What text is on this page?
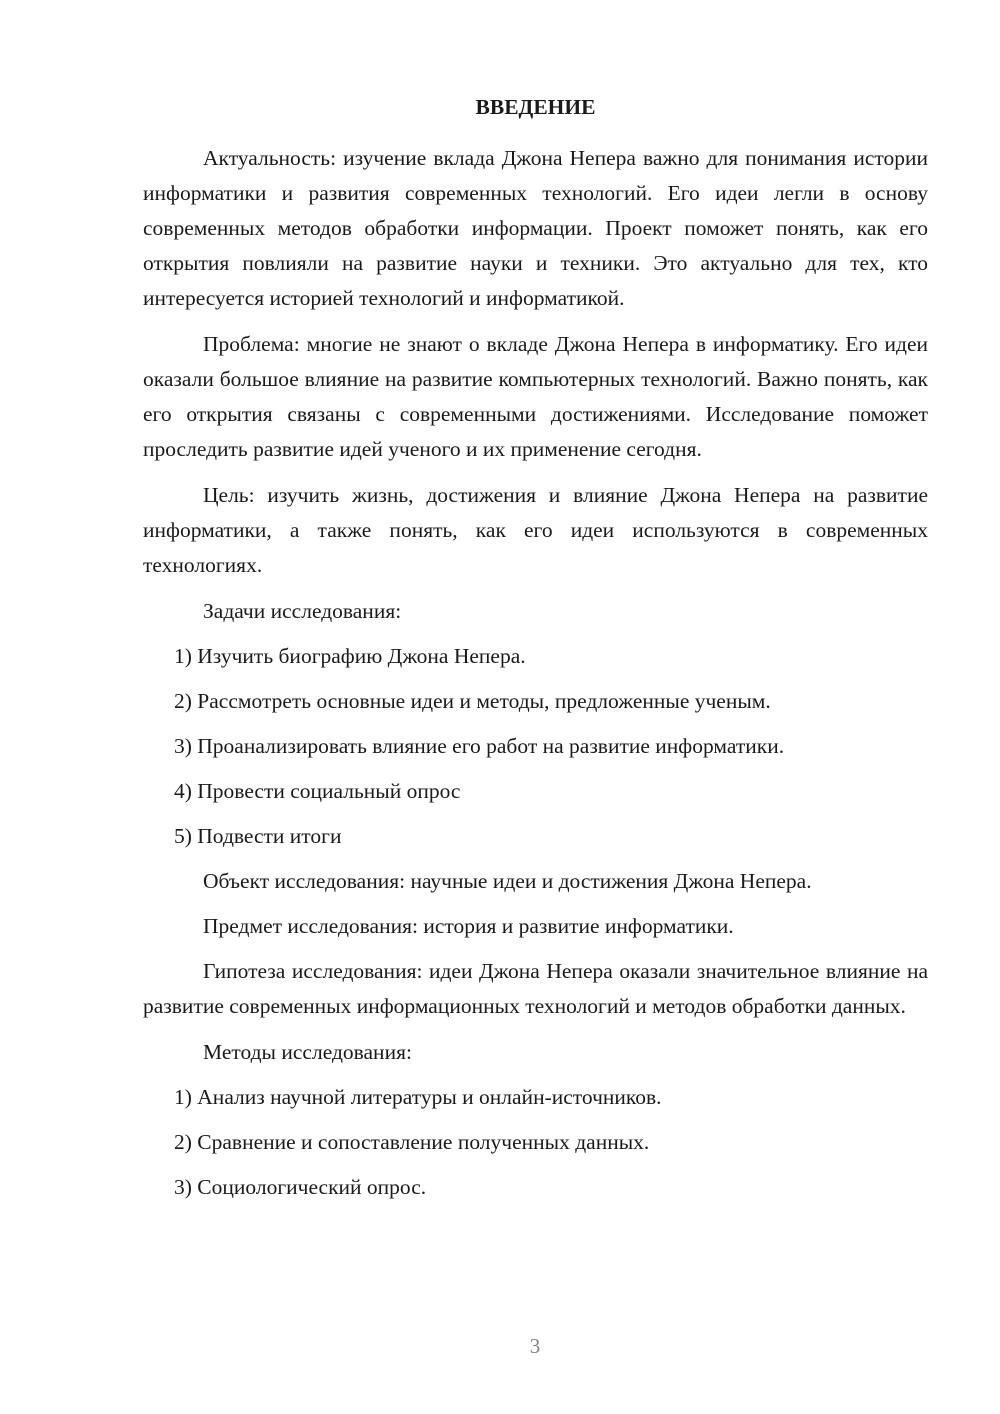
ВВЕДЕНИЕ

Актуальность: изучение вклада Джона Непера важно для понимания истории информатики и развития современных технологий. Его идеи легли в основу современных методов обработки информации. Проект поможет понять, как его открытия повлияли на развитие науки и техники. Это актуально для тех, кто интересуется историей технологий и информатикой.

Проблема: многие не знают о вкладе Джона Непера в информатику. Его идеи оказали большое влияние на развитие компьютерных технологий. Важно понять, как его открытия связаны с современными достижениями. Исследование поможет проследить развитие идей ученого и их применение сегодня.

Цель: изучить жизнь, достижения и влияние Джона Непера на развитие информатики, а также понять, как его идеи используются в современных технологиях.

Задачи исследования:
1) Изучить биографию Джона Непера.
2) Рассмотреть основные идеи и методы, предложенные ученым.
3) Проанализировать влияние его работ на развитие информатики.
4) Провести социальный опрос
5) Подвести итоги
Объект исследования: научные идеи и достижения Джона Непера.
Предмет исследования: история и развитие информатики.

Гипотеза исследования: идеи Джона Непера оказали значительное влияние на развитие современных информационных технологий и методов обработки данных.

Методы исследования:
1) Анализ научной литературы и онлайн-источников.
2) Сравнение и сопоставление полученных данных.
3) Социологический опрос.
3
